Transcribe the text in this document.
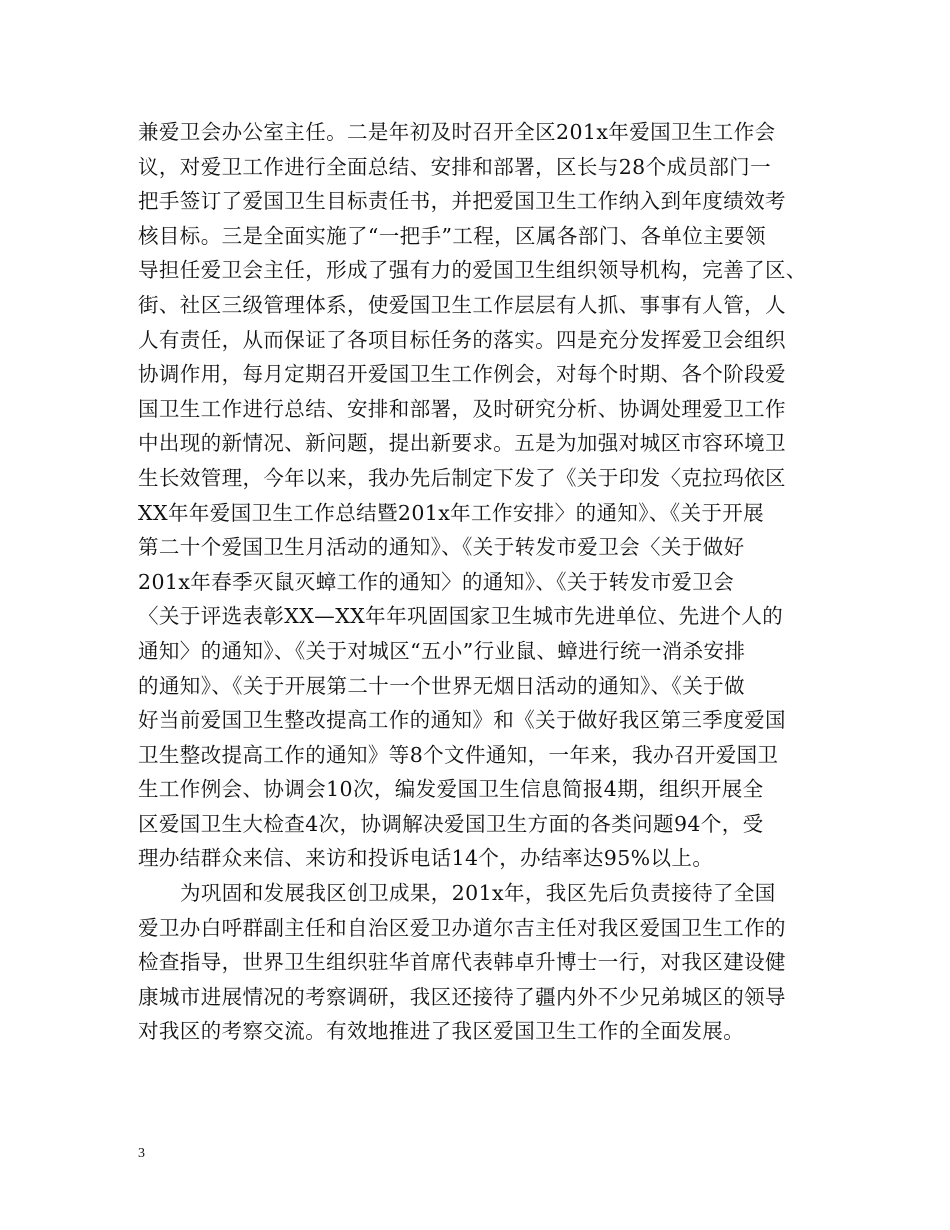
兼爱卫会办公室主任。二是年初及时召开全区201x年爱国卫生工作会
议，对爱卫工作进行全面总结、安排和部署，区长与28个成员部门一
把手签订了爱国卫生目标责任书，并把爱国卫生工作纳入到年度绩效考
核目标。三是全面实施了“一把手”工程，区属各部门、各单位主要领
导担任爱卫会主任，形成了强有力的爱国卫生组织领导机构，完善了区、
街、社区三级管理体系，使爱国卫生工作层层有人抓、事事有人管，人
人有责任，从而保证了各项目标任务的落实。四是充分发挥爱卫会组织
协调作用，每月定期召开爱国卫生工作例会，对每个时期、各个阶段爱
国卫生工作进行总结、安排和部署，及时研究分析、协调处理爱卫工作
中出现的新情况、新问题，提出新要求。五是为加强对城区市容环境卫
生长效管理，今年以来，我办先后制定下发了《关于印发〈克拉玛依区
XX年年爱国卫生工作总结暨201x年工作安排〉的通知》、《关于开展
第二十个爱国卫生月活动的通知》、《关于转发市爱卫会〈关于做好
201x年春季灭鼠灭蟑工作的通知〉的通知》、《关于转发市爱卫会
〈关于评选表彰XX—XX年年巩固国家卫生城市先进单位、先进个人的
通知〉的通知》、《关于对城区“五小”行业鼠、蟑进行统一消杀安排
的通知》、《关于开展第二十一个世界无烟日活动的通知》、《关于做
好当前爱国卫生整改提高工作的通知》和《关于做好我区第三季度爱国
卫生整改提高工作的通知》等8个文件通知，一年来，我办召开爱国卫
生工作例会、协调会10次，编发爱国卫生信息简报4期，组织开展全
区爱国卫生大检查4次，协调解决爱国卫生方面的各类问题94个，受
理办结群众来信、来访和投诉电话14个，办结率达95%以上。
为巩固和发展我区创卫成果，201x年，我区先后负责接待了全国
爱卫办白呼群副主任和自治区爱卫办道尔吉主任对我区爱国卫生工作的
检查指导，世界卫生组织驻华首席代表韩卓升博士一行，对我区建设健
康城市进展情况的考察调研，我区还接待了疆内外不少兄弟城区的领导
对我区的考察交流。有效地推进了我区爱国卫生工作的全面发展。
3
